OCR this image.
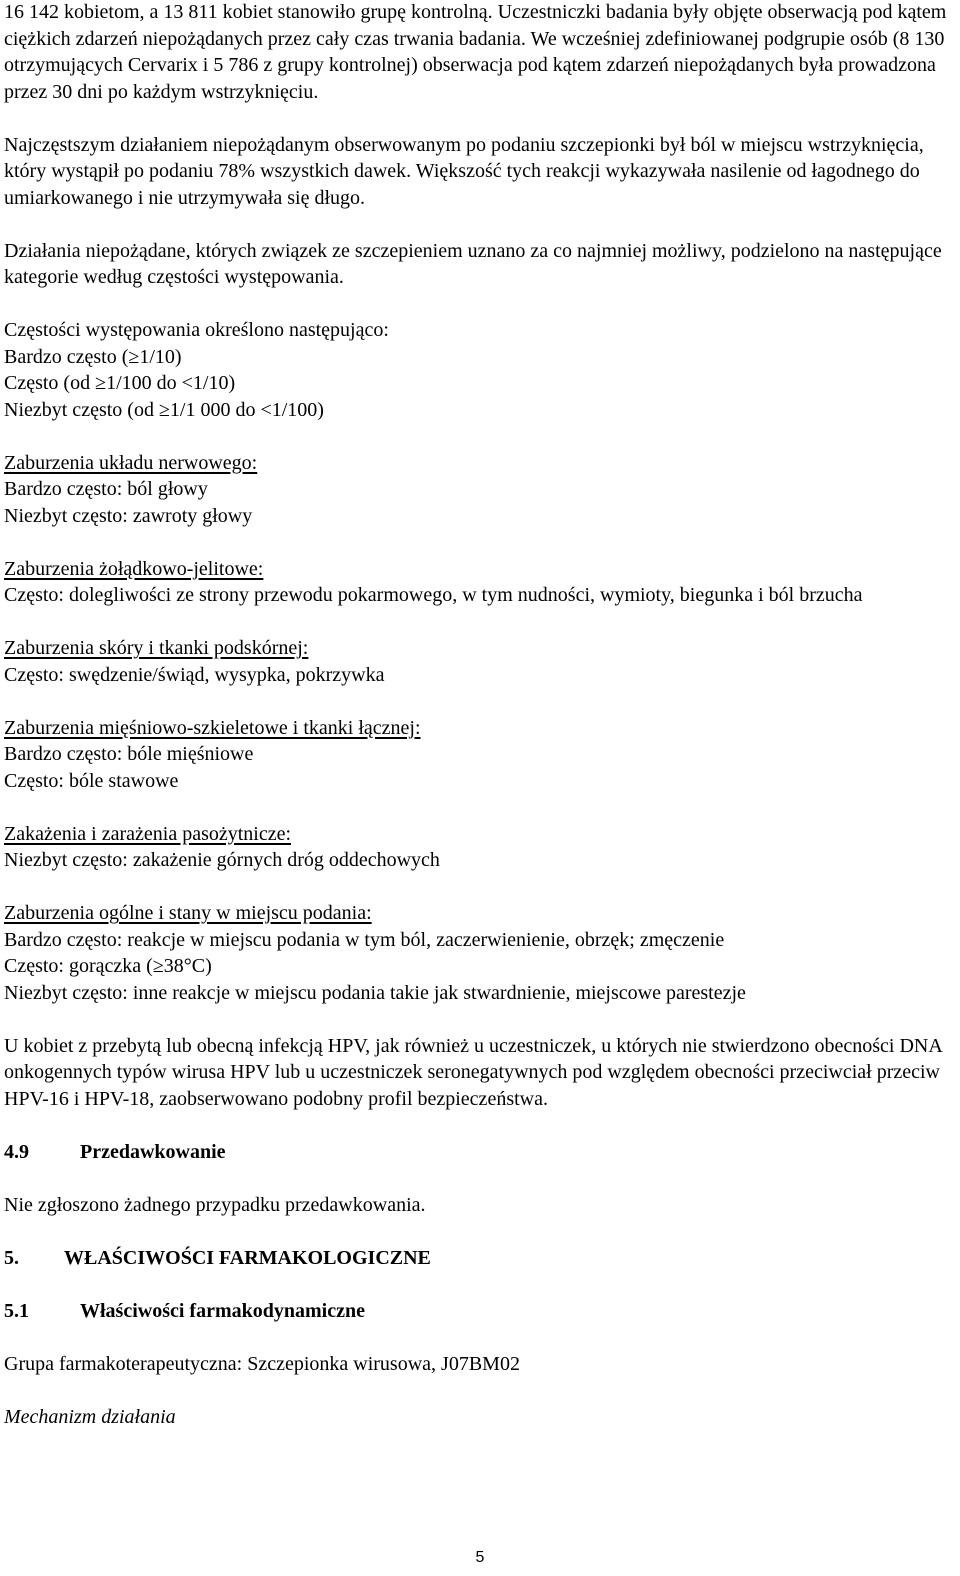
16 142 kobietom, a 13 811 kobiet stanowiło grupę kontrolną. Uczestniczki badania były objęte obserwacją pod kątem ciężkich zdarzeń niepożądanych przez cały czas trwania badania. We wcześniej zdefiniowanej podgrupie osób (8 130 otrzymujących Cervarix i 5 786 z grupy kontrolnej) obserwacja pod kątem zdarzeń niepożądanych była prowadzona przez 30 dni po każdym wstrzyknięciu.

Najczęstszym działaniem niepożądanym obserwowanym po podaniu szczepionki był ból w miejscu wstrzyknięcia, który wystąpił po podaniu 78% wszystkich dawek. Większość tych reakcji wykazywała nasilenie od łagodnego do umiarkowanego i nie utrzymywała się długo.

Działania niepożądane, których związek ze szczepieniem uznano za co najmniej możliwy, podzielono na następujące kategorie według częstości występowania.

Częstości występowania określono następująco:
Bardzo często (≥1/10)
Często (od ≥1/100 do <1/10)
Niezbyt często (od ≥1/1 000 do <1/100)
Zaburzenia układu nerwowego:
Bardzo często: ból głowy
Niezbyt często: zawroty głowy
Zaburzenia żołądkowo-jelitowe:
Często: dolegliwości ze strony przewodu pokarmowego, w tym nudności, wymioty, biegunka i ból brzucha
Zaburzenia skóry i tkanki podskórnej:
Często: swędzenie/świąd, wysypka, pokrzywka
Zaburzenia mięśniowo-szkieletowe i tkanki łącznej:
Bardzo często: bóle mięśniowe
Często: bóle stawowe
Zakażenia i zarażenia pasożytnicze:
Niezbyt często: zakażenie górnych dróg oddechowych
Zaburzenia ogólne i stany w miejscu podania:
Bardzo często: reakcje w miejscu podania w tym ból, zaczerwienienie, obrzęk; zmęczenie
Często: gorączka (≥38°C)
Niezbyt często: inne reakcje w miejscu podania takie jak stwardnienie, miejscowe parestezje

U kobiet z przebytą lub obecną infekcją HPV, jak również u uczestniczek, u których nie stwierdzono obecności DNA onkogennych typów wirusa HPV lub u uczestniczek seronegatywnych pod względem obecności przeciwciał przeciw HPV-16 i HPV-18, zaobserwowano podobny profil bezpieczeństwa.

4.9	Przedawkowanie

Nie zgłoszono żadnego przypadku przedawkowania.

5.	WŁAŚCIWOŚCI FARMAKOLOGICZNE
5.1	Właściwości farmakodynamiczne

Grupa farmakoterapeutyczna: Szczepionka wirusowa, J07BM02

Mechanizm działania

5
